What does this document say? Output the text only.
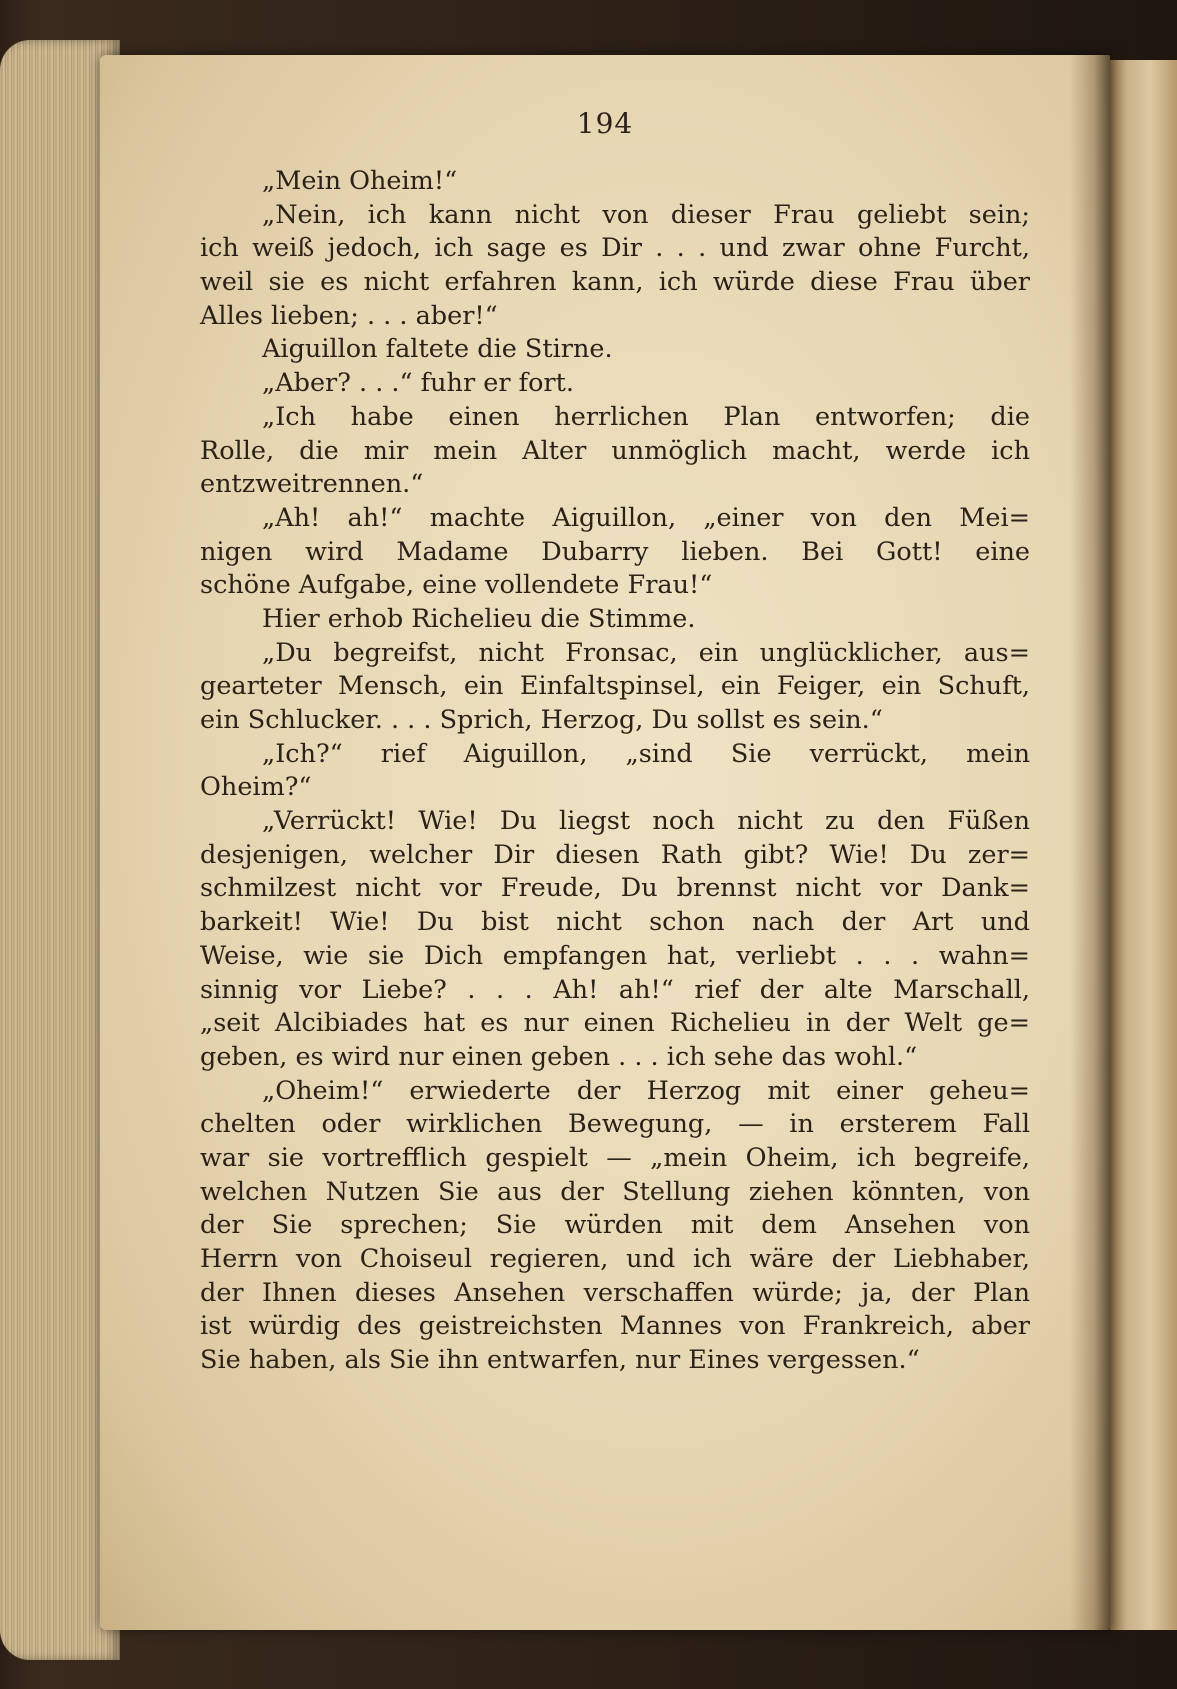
194
„Mein Oheim!“
„Nein, ich kann nicht von dieser Frau geliebt sein;
ich weiß jedoch, ich sage es Dir . . . und zwar ohne Furcht,
weil sie es nicht erfahren kann, ich würde diese Frau über
Alles lieben; . . . aber!“
Aiguillon faltete die Stirne.
„Aber? . . .“ fuhr er fort.
„Ich habe einen herrlichen Plan entworfen; die
Rolle, die mir mein Alter unmöglich macht, werde ich
entzweitrennen.“
„Ah! ah!“ machte Aiguillon, „einer von den Mei=
nigen wird Madame Dubarry lieben. Bei Gott! eine
schöne Aufgabe, eine vollendete Frau!“
Hier erhob Richelieu die Stimme.
„Du begreifst, nicht Fronsac, ein unglücklicher, aus=
gearteter Mensch, ein Einfaltspinsel, ein Feiger, ein Schuft,
ein Schlucker. . . . Sprich, Herzog, Du sollst es sein.“
„Ich?“ rief Aiguillon, „sind Sie verrückt, mein
Oheim?“
„Verrückt! Wie! Du liegst noch nicht zu den Füßen
desjenigen, welcher Dir diesen Rath gibt? Wie! Du zer=
schmilzest nicht vor Freude, Du brennst nicht vor Dank=
barkeit! Wie! Du bist nicht schon nach der Art und
Weise, wie sie Dich empfangen hat, verliebt . . . wahn=
sinnig vor Liebe? . . . Ah! ah!“ rief der alte Marschall,
„seit Alcibiades hat es nur einen Richelieu in der Welt ge=
geben, es wird nur einen geben . . . ich sehe das wohl.“
„Oheim!“ erwiederte der Herzog mit einer geheu=
chelten oder wirklichen Bewegung, — in ersterem Fall
war sie vortrefflich gespielt — „mein Oheim, ich begreife,
welchen Nutzen Sie aus der Stellung ziehen könnten, von
der Sie sprechen; Sie würden mit dem Ansehen von
Herrn von Choiseul regieren, und ich wäre der Liebhaber,
der Ihnen dieses Ansehen verschaffen würde; ja, der Plan
ist würdig des geistreichsten Mannes von Frankreich, aber
Sie haben, als Sie ihn entwarfen, nur Eines vergessen.“
